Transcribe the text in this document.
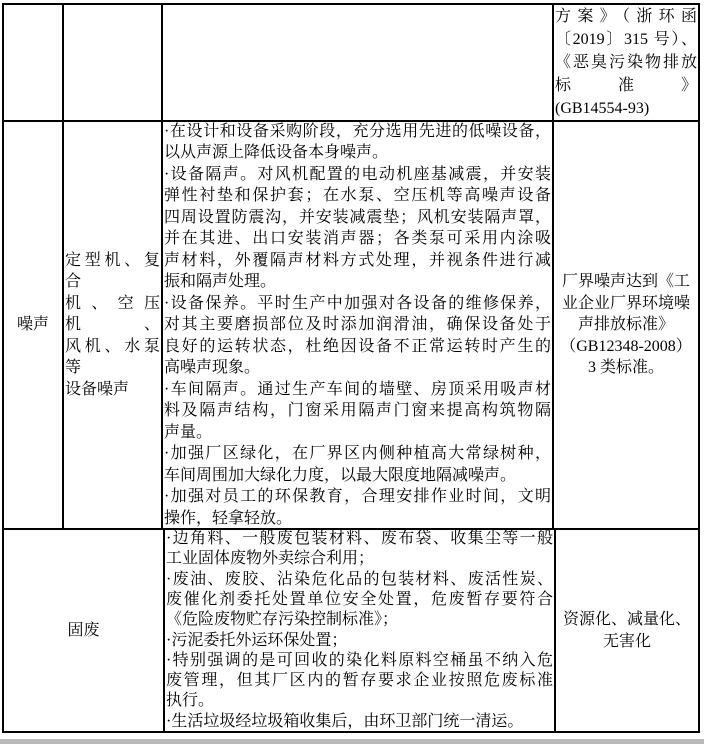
方案》（浙环函
〔2019〕315 号）、
《恶臭污染物排放
标准》
(GB14554-93)
噪声
定型机、复合
机、空压机、
风机、水泵等
设备噪声
·在设计和设备采购阶段，充分选用先进的低噪设备，
以从声源上降低设备本身噪声。
·设备隔声。对风机配置的电动机座基减震，并安装
弹性衬垫和保护套；在水泵、空压机等高噪声设备
四周设置防震沟，并安装减震垫；风机安装隔声罩，
并在其进、出口安装消声器；各类泵可采用内涂吸
声材料，外覆隔声材料方式处理，并视条件进行减
振和隔声处理。
·设备保养。平时生产中加强对各设备的维修保养，
对其主要磨损部位及时添加润滑油，确保设备处于
良好的运转状态，杜绝因设备不正常运转时产生的
高噪声现象。
·车间隔声。通过生产车间的墙壁、房顶采用吸声材
料及隔声结构，门窗采用隔声门窗来提高构筑物隔
声量。
·加强厂区绿化，在厂界区内侧种植高大常绿树种，
车间周围加大绿化力度，以最大限度地隔减噪声。
·加强对员工的环保教育，合理安排作业时间，文明
操作，轻拿轻放。
厂界噪声达到《工
业企业厂界环境噪
声排放标准》
（GB12348-2008）
3 类标准。
固废
·边角料、一般废包装材料、废布袋、收集尘等一般
工业固体废物外卖综合利用；
·废油、废胶、沾染危化品的包装材料、废活性炭、
废催化剂委托处置单位安全处置，危废暂存要符合
《危险废物贮存污染控制标准》；
·污泥委托外运环保处置；
·特别强调的是可回收的染化料原料空桶虽不纳入危
废管理，但其厂区内的暂存要求企业按照危废标准
执行。
·生活垃圾经垃圾箱收集后，由环卫部门统一清运。
资源化、减量化、
无害化
